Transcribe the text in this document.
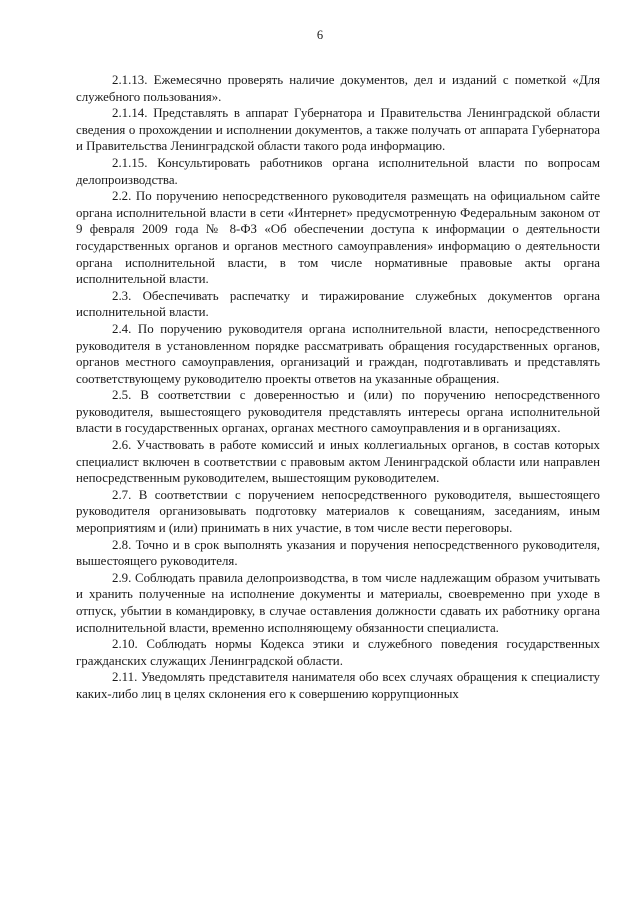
6

2.1.13. Ежемесячно проверять наличие документов, дел и изданий с пометкой «Для служебного пользования».

2.1.14. Представлять в аппарат Губернатора и Правительства Ленинградской области сведения о прохождении и исполнении документов, а также получать от аппарата Губернатора и Правительства Ленинградской области такого рода информацию.

2.1.15. Консультировать работников органа исполнительной власти по вопросам делопроизводства.

2.2. По поручению непосредственного руководителя размещать на официальном сайте органа исполнительной власти в сети «Интернет» предусмотренную Федеральным законом от 9 февраля 2009 года № 8-ФЗ «Об обеспечении доступа к информации о деятельности государственных органов и органов местного самоуправления» информацию о деятельности органа исполнительной власти, в том числе нормативные правовые акты органа исполнительной власти.

2.3. Обеспечивать распечатку и тиражирование служебных документов органа исполнительной власти.

2.4. По поручению руководителя органа исполнительной власти, непосредственного руководителя в установленном порядке рассматривать обращения государственных органов, органов местного самоуправления, организаций и граждан, подготавливать и представлять соответствующему руководителю проекты ответов на указанные обращения.

2.5. В соответствии с доверенностью и (или) по поручению непосредственного руководителя, вышестоящего руководителя представлять интересы органа исполнительной власти в государственных органах, органах местного самоуправления и в организациях.

2.6. Участвовать в работе комиссий и иных коллегиальных органов, в состав которых специалист включен в соответствии с правовым актом Ленинградской области или направлен непосредственным руководителем, вышестоящим руководителем.

2.7. В соответствии с поручением непосредственного руководителя, вышестоящего руководителя организовывать подготовку материалов к совещаниям, заседаниям, иным мероприятиям и (или) принимать в них участие, в том числе вести переговоры.

2.8. Точно и в срок выполнять указания и поручения непосредственного руководителя, вышестоящего руководителя.

2.9. Соблюдать правила делопроизводства, в том числе надлежащим образом учитывать и хранить полученные на исполнение документы и материалы, своевременно при уходе в отпуск, убытии в командировку, в случае оставления должности сдавать их работнику органа исполнительной власти, временно исполняющему обязанности специалиста.

2.10. Соблюдать нормы Кодекса этики и служебного поведения государственных гражданских служащих Ленинградской области.

2.11. Уведомлять представителя нанимателя обо всех случаях обращения к специалисту каких-либо лиц в целях склонения его к совершению коррупционных
